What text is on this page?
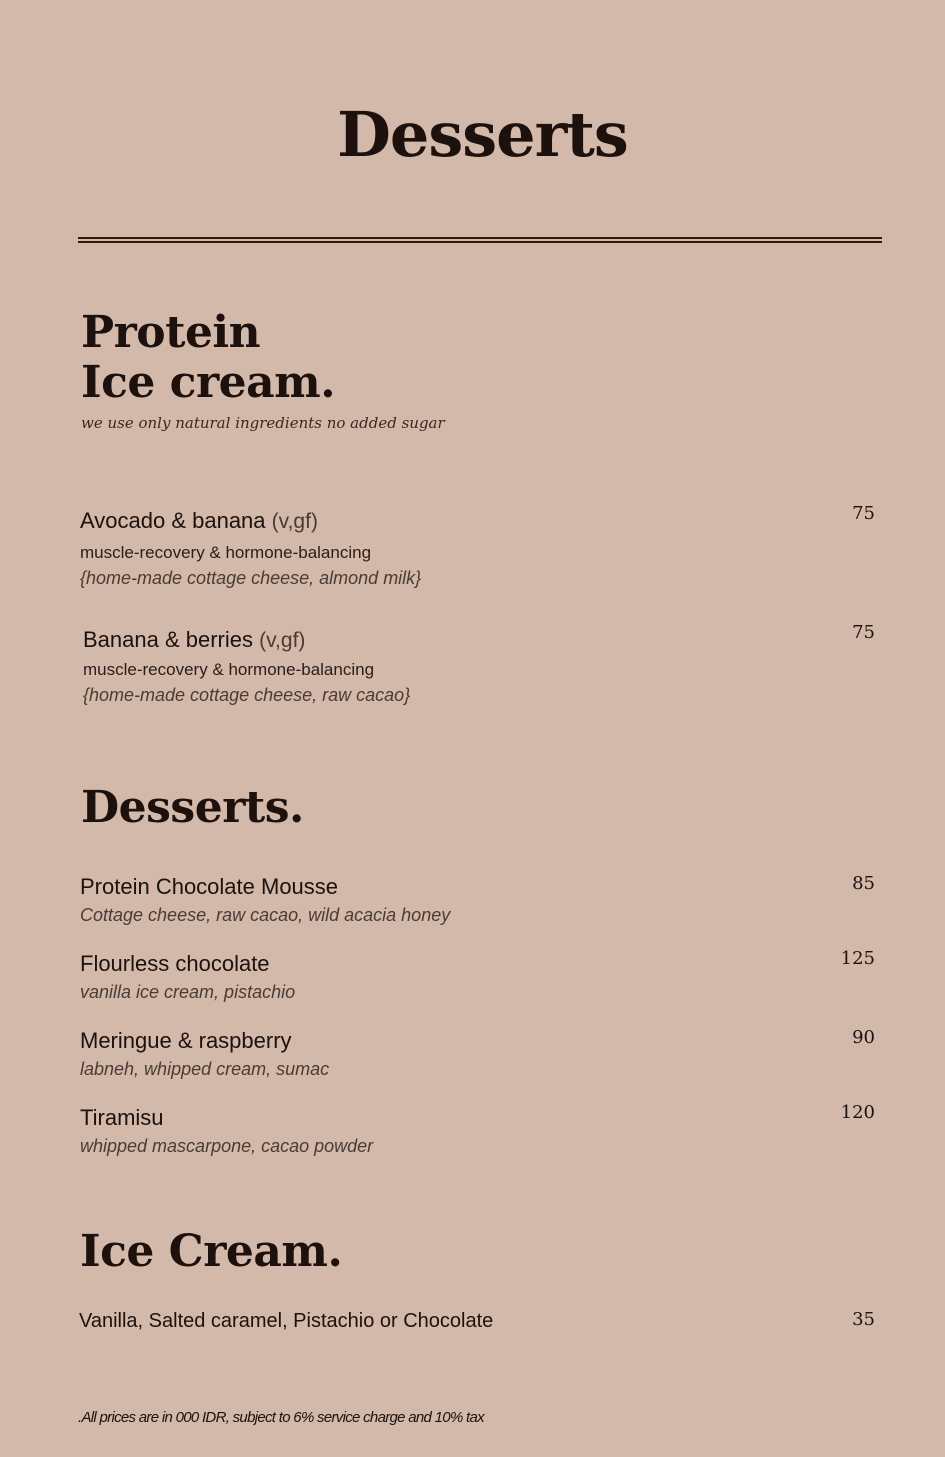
Desserts
Protein
Ice cream.
we use only natural ingredients no added sugar
Avocado & banana (v,gf)
muscle-recovery & hormone-balancing
{home-made cottage cheese, almond milk}
75
Banana & berries (v,gf)
muscle-recovery & hormone-balancing
{home-made cottage cheese, raw cacao}
75
Desserts.
Protein Chocolate Mousse
Cottage cheese, raw cacao, wild acacia honey
85
Flourless chocolate
vanilla ice cream, pistachio
125
Meringue & raspberry
labneh, whipped cream, sumac
90
Tiramisu
whipped mascarpone, cacao powder
120
Ice Cream.
Vanilla, Salted caramel, Pistachio or Chocolate	35
.All prices are in 000 IDR, subject to 6% service charge and 10% tax
